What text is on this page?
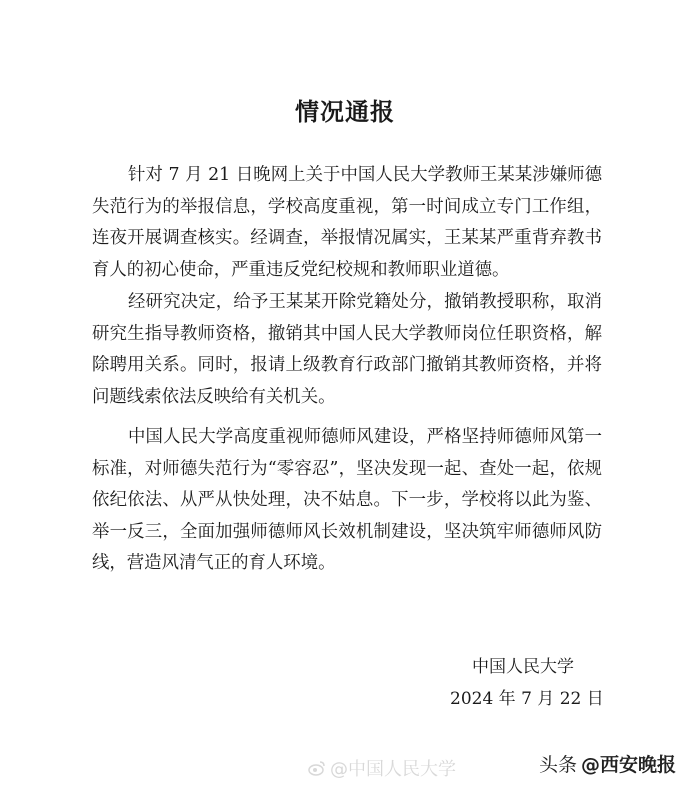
情况通报

针对 7 月 21 日晚网上关于中国人民大学教师王某某涉嫌师德失范行为的举报信息，学校高度重视，第一时间成立专门工作组，连夜开展调查核实。经调查，举报情况属实，王某某严重背弃教书育人的初心使命，严重违反党纪校规和教师职业道德。

经研究决定，给予王某某开除党籍处分，撤销教授职称，取消研究生指导教师资格，撤销其中国人民大学教师岗位任职资格，解除聘用关系。同时，报请上级教育行政部门撤销其教师资格，并将问题线索依法反映给有关机关。

中国人民大学高度重视师德师风建设，严格坚持师德师风第一标准，对师德失范行为“零容忍”，坚决发现一起、查处一起，依规依纪依法、从严从快处理，决不姑息。下一步，学校将以此为鉴、举一反三，全面加强师德师风长效机制建设，坚决筑牢师德师风防线，营造风清气正的育人环境。

中国人民大学
2024 年 7 月 22 日
@中国人民大学	头条 @西安晚报
